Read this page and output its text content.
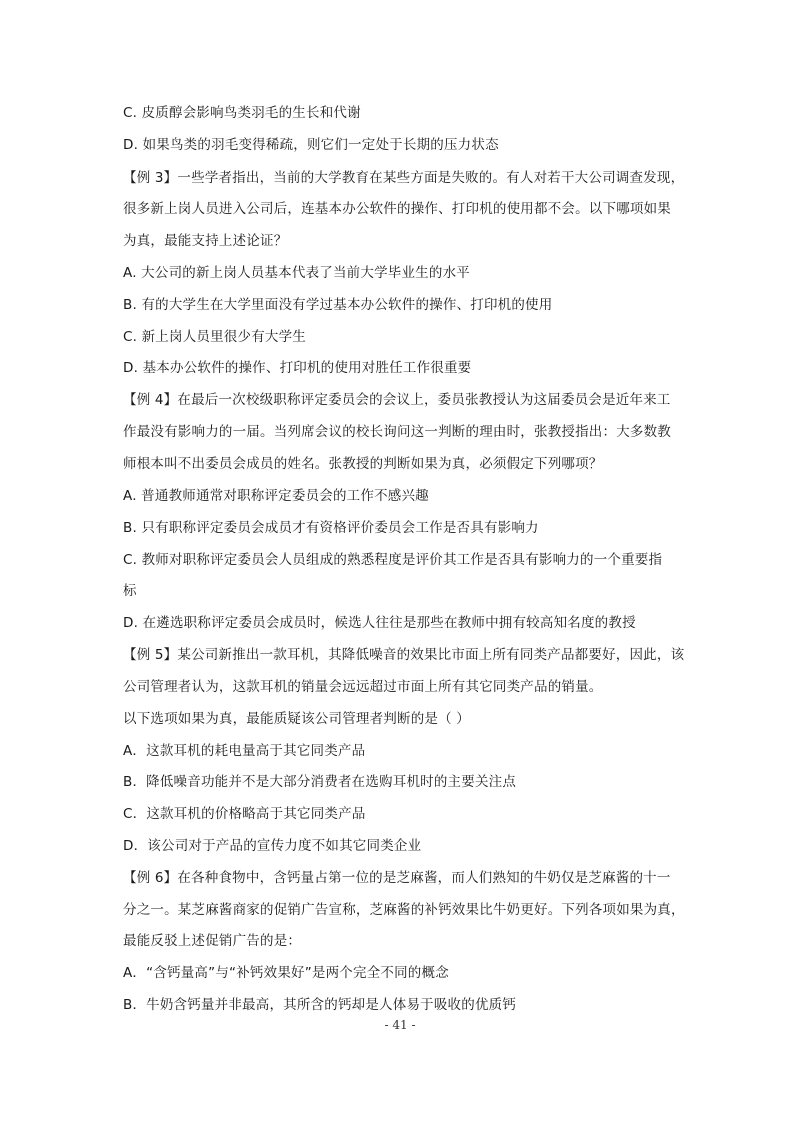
C. 皮质醇会影响鸟类羽毛的生长和代谢
D. 如果鸟类的羽毛变得稀疏，则它们一定处于长期的压力状态
【例 3】一些学者指出，当前的大学教育在某些方面是失败的。有人对若干大公司调查发现，
很多新上岗人员进入公司后，连基本办公软件的操作、打印机的使用都不会。以下哪项如果
为真，最能支持上述论证？
A. 大公司的新上岗人员基本代表了当前大学毕业生的水平
B. 有的大学生在大学里面没有学过基本办公软件的操作、打印机的使用
C. 新上岗人员里很少有大学生
D. 基本办公软件的操作、打印机的使用对胜任工作很重要
【例 4】在最后一次校级职称评定委员会的会议上，委员张教授认为这届委员会是近年来工
作最没有影响力的一届。当列席会议的校长询问这一判断的理由时，张教授指出：大多数教
师根本叫不出委员会成员的姓名。张教授的判断如果为真，必须假定下列哪项？
A. 普通教师通常对职称评定委员会的工作不感兴趣
B. 只有职称评定委员会成员才有资格评价委员会工作是否具有影响力
C. 教师对职称评定委员会人员组成的熟悉程度是评价其工作是否具有影响力的一个重要指
标
D. 在遴选职称评定委员会成员时，候选人往往是那些在教师中拥有较高知名度的教授
【例 5】某公司新推出一款耳机，其降低噪音的效果比市面上所有同类产品都要好，因此，该
公司管理者认为，这款耳机的销量会远远超过市面上所有其它同类产品的销量。
以下选项如果为真，最能质疑该公司管理者判断的是（ ）
A．这款耳机的耗电量高于其它同类产品
B．降低噪音功能并不是大部分消费者在选购耳机时的主要关注点
C．这款耳机的价格略高于其它同类产品
D．该公司对于产品的宣传力度不如其它同类企业
【例 6】在各种食物中，含钙量占第一位的是芝麻酱，而人们熟知的牛奶仅是芝麻酱的十一
分之一。某芝麻酱商家的促销广告宣称，芝麻酱的补钙效果比牛奶更好。下列各项如果为真，
最能反驳上述促销广告的是：
A．“含钙量高”与“补钙效果好”是两个完全不同的概念
B．牛奶含钙量并非最高，其所含的钙却是人体易于吸收的优质钙
- 41 -
